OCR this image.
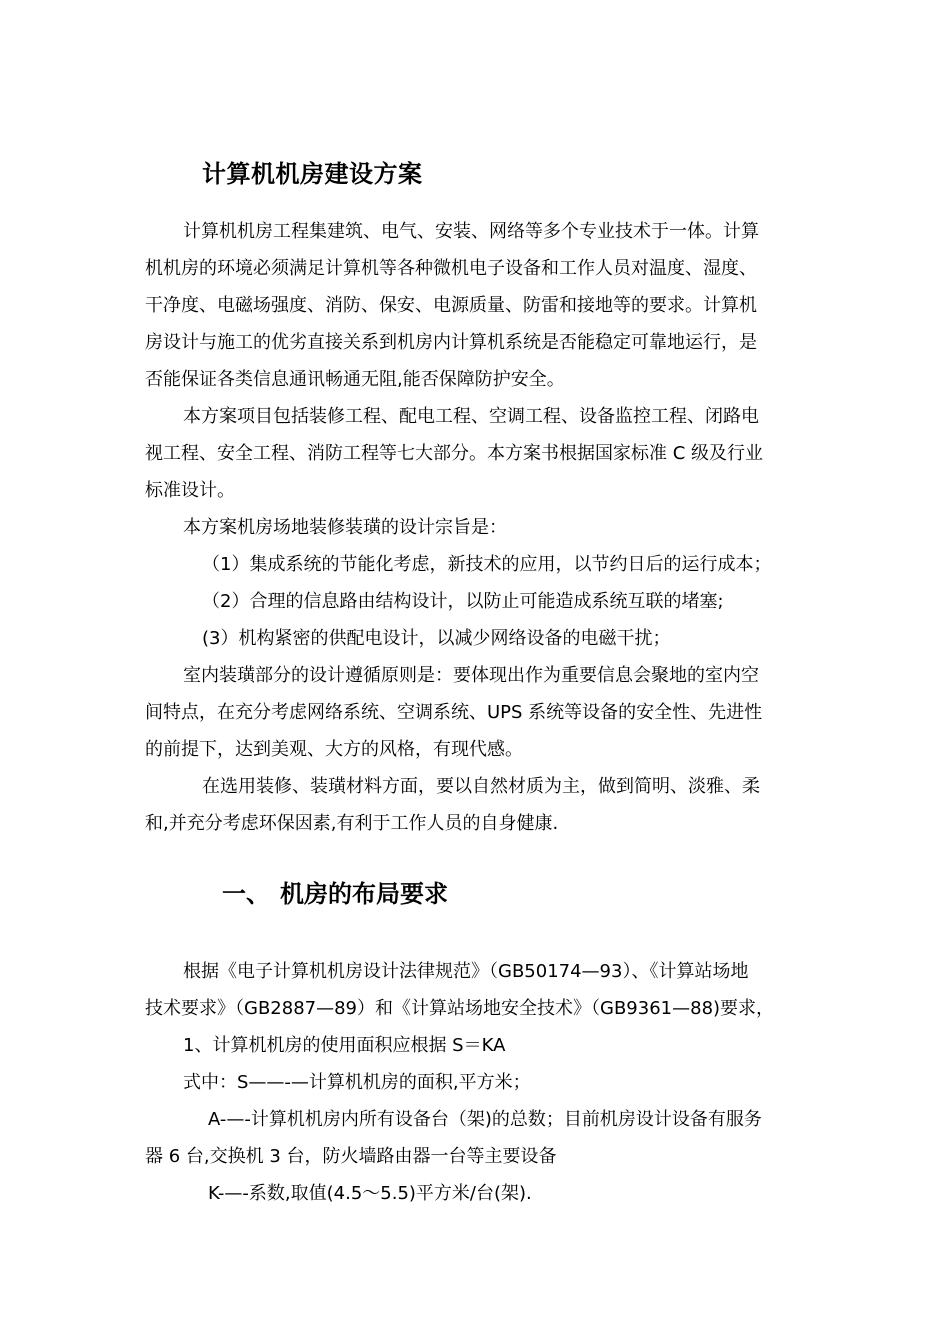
计算机机房建设方案

计算机机房工程集建筑、电气、安装、网络等多个专业技术于一体。计算

机机房的环境必须满足计算机等各种微机电子设备和工作人员对温度、湿度、

干净度、电磁场强度、消防、保安、电源质量、防雷和接地等的要求。计算机

房设计与施工的优劣直接关系到机房内计算机系统是否能稳定可靠地运行，是

否能保证各类信息通讯畅通无阻,能否保障防护安全。

本方案项目包括装修工程、配电工程、空调工程、设备监控工程、闭路电

视工程、安全工程、消防工程等七大部分。本方案书根据国家标准 C 级及行业

标准设计。

本方案机房场地装修装璜的设计宗旨是：

（1）集成系统的节能化考虑，新技术的应用，以节约日后的运行成本；

（2）合理的信息路由结构设计，以防止可能造成系统互联的堵塞;

(3）机构紧密的供配电设计，以减少网络设备的电磁干扰；

室内装璜部分的设计遵循原则是：要体现出作为重要信息会聚地的室内空

间特点，在充分考虑网络系统、空调系统、UPS 系统等设备的安全性、先进性

的前提下，达到美观、大方的风格，有现代感。

在选用装修、装璜材料方面，要以自然材质为主，做到简明、淡雅、柔

和,并充分考虑环保因素,有利于工作人员的自身健康.

一、 机房的布局要求

根据《电子计算机机房设计法律规范》（GB50174—93）、《计算站场地

技术要求》（GB2887—89）和《计算站场地安全技术》（GB9361—88)要求，

1、计算机机房的使用面积应根据 S＝KA

式中：S——-—计算机机房的面积,平方米；

A-—-计算机机房内所有设备台（架)的总数；目前机房设计设备有服务

器 6 台,交换机 3 台，防火墙路由器一台等主要设备

K-—-系数,取值(4.5～5.5)平方米/台(架).
